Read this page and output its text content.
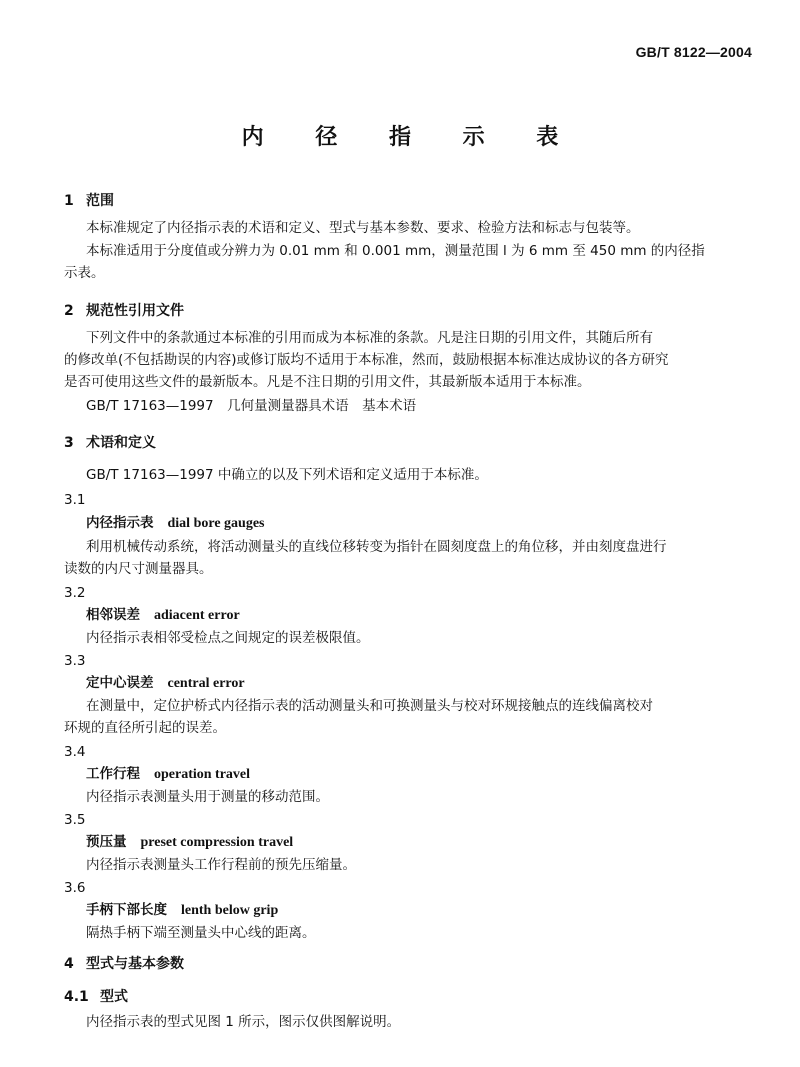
GB/T 8122—2004
内 径 指 示 表
1 范围
本标准规定了内径指示表的术语和定义、型式与基本参数、要求、检验方法和标志与包装等。
本标准适用于分度值或分辨力为 0.01 mm 和 0.001 mm，测量范围 l 为 6 mm 至 450 mm 的内径指
示表。
2 规范性引用文件
下列文件中的条款通过本标准的引用而成为本标准的条款。凡是注日期的引用文件，其随后所有
的修改单(不包括勘误的内容)或修订版均不适用于本标准，然而，鼓励根据本标准达成协议的各方研究
是否可使用这些文件的最新版本。凡是不注日期的引用文件，其最新版本适用于本标准。
GB/T 17163—1997　几何量测量器具术语　基本术语
3 术语和定义
GB/T 17163—1997 中确立的以及下列术语和定义适用于本标准。
3.1
内径指示表 dial bore gauges
利用机械传动系统，将活动测量头的直线位移转变为指针在圆刻度盘上的角位移，并由刻度盘进行
读数的内尺寸测量器具。
3.2
相邻误差 adiacent error
内径指示表相邻受检点之间规定的误差极限值。
3.3
定中心误差 central error
在测量中，定位护桥式内径指示表的活动测量头和可换测量头与校对环规接触点的连线偏离校对
环规的直径所引起的误差。
3.4
工作行程 operation travel
内径指示表测量头用于测量的移动范围。
3.5
预压量 preset compression travel
内径指示表测量头工作行程前的预先压缩量。
3.6
手柄下部长度 lenth below grip
隔热手柄下端至测量头中心线的距离。
4 型式与基本参数
4.1 型式
内径指示表的型式见图 1 所示，图示仅供图解说明。
